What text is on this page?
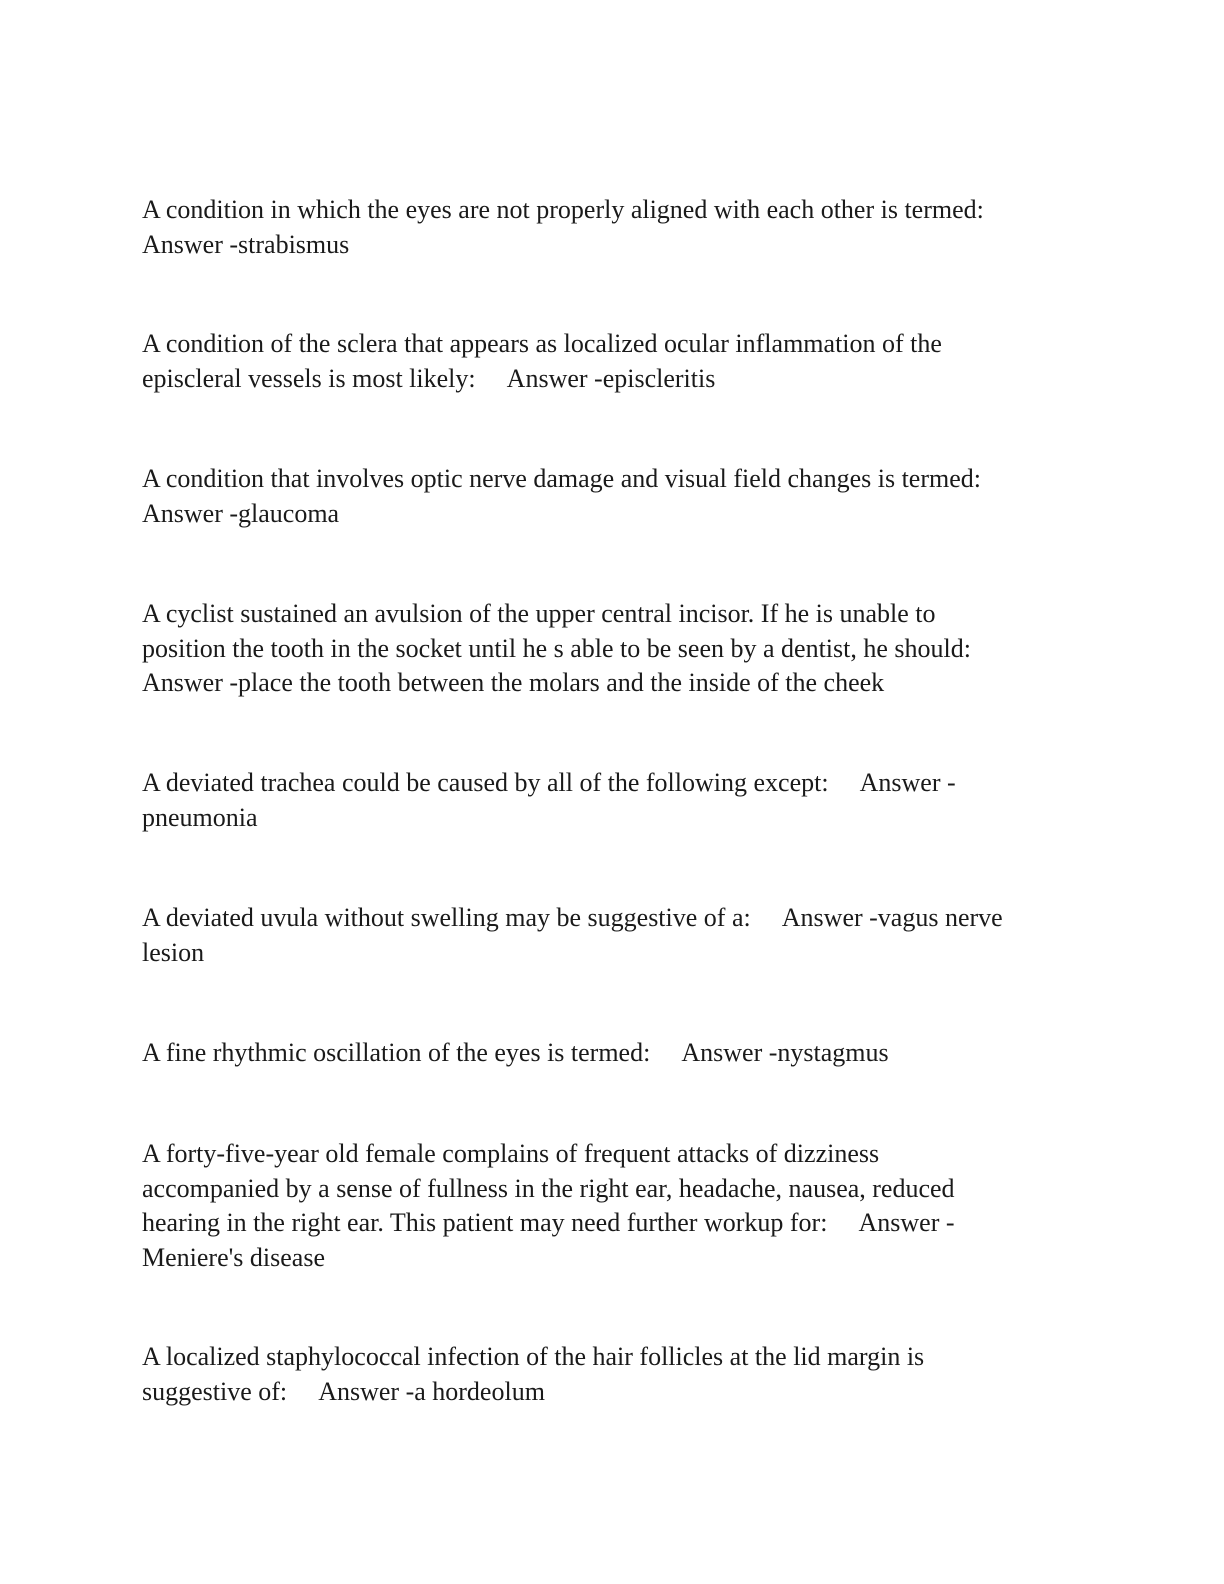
A condition in which the eyes are not properly aligned with each other is termed:
Answer -strabismus

A condition of the sclera that appears as localized ocular inflammation of the
episcleral vessels is most likely:     Answer -episcleritis

A condition that involves optic nerve damage and visual field changes is termed:
Answer -glaucoma

A cyclist sustained an avulsion of the upper central incisor. If he is unable to
position the tooth in the socket until he s able to be seen by a dentist, he should:
Answer -place the tooth between the molars and the inside of the cheek

A deviated trachea could be caused by all of the following except:     Answer -
pneumonia

A deviated uvula without swelling may be suggestive of a:     Answer -vagus nerve
lesion

A fine rhythmic oscillation of the eyes is termed:     Answer -nystagmus

A forty-five-year old female complains of frequent attacks of dizziness
accompanied by a sense of fullness in the right ear, headache, nausea, reduced
hearing in the right ear. This patient may need further workup for:     Answer -
Meniere's disease

A localized staphylococcal infection of the hair follicles at the lid margin is
suggestive of:     Answer -a hordeolum
